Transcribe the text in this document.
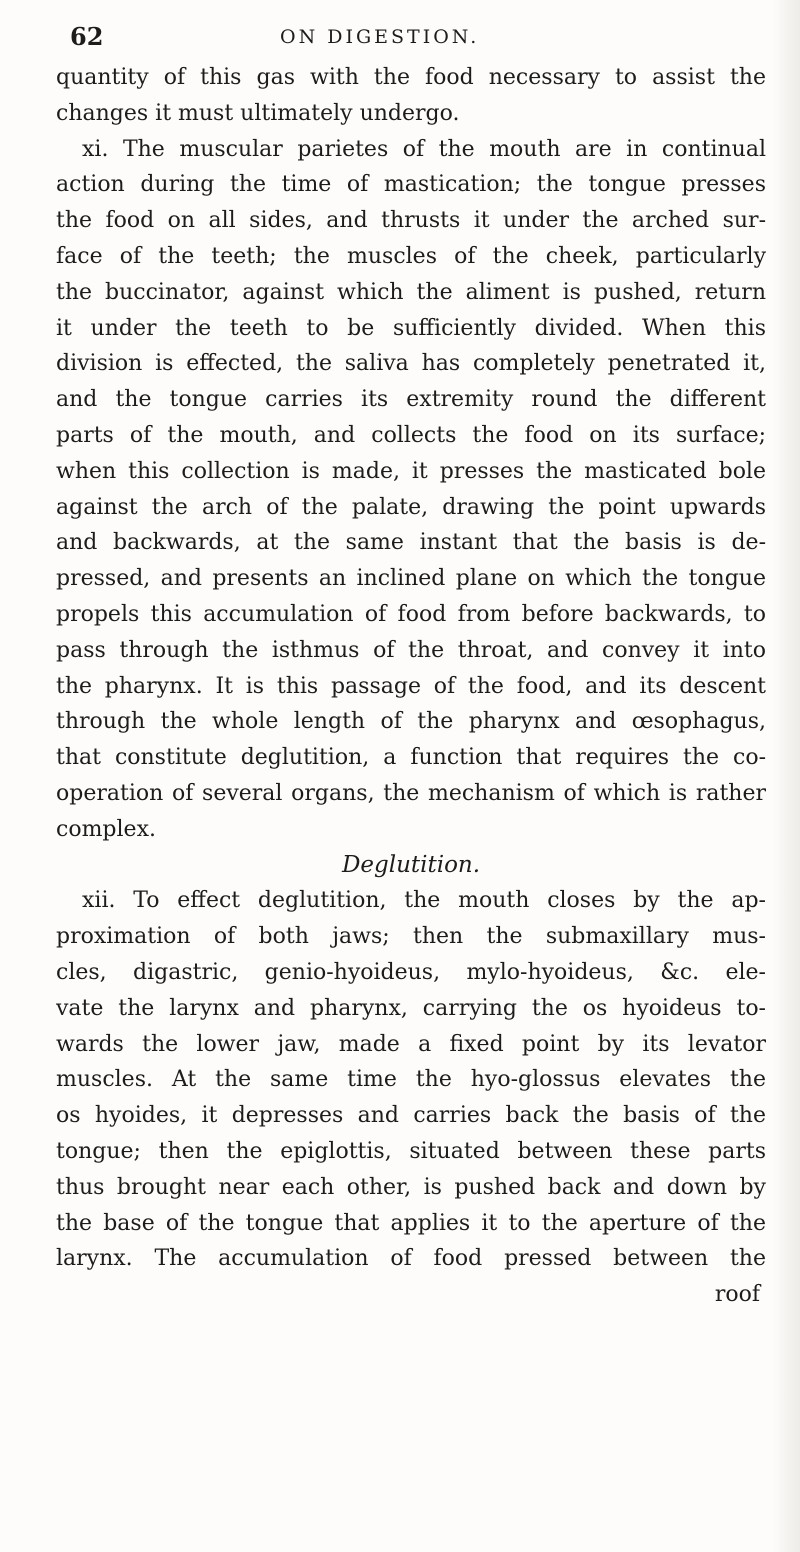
62	ON DIGESTION.
quantity of this gas with the food necessary to assist the
changes it must ultimately undergo.
xi. The muscular parietes of the mouth are in continual
action during the time of mastication; the tongue presses
the food on all sides, and thrusts it under the arched sur-
face of the teeth; the muscles of the cheek, particularly
the buccinator, against which the aliment is pushed, return
it under the teeth to be sufficiently divided. When this
division is effected, the saliva has completely penetrated it,
and the tongue carries its extremity round the different
parts of the mouth, and collects the food on its surface;
when this collection is made, it presses the masticated bole
against the arch of the palate, drawing the point upwards
and backwards, at the same instant that the basis is de-
pressed, and presents an inclined plane on which the tongue
propels this accumulation of food from before backwards, to
pass through the isthmus of the throat, and convey it into
the pharynx. It is this passage of the food, and its descent
through the whole length of the pharynx and œsophagus,
that constitute deglutition, a function that requires the co-
operation of several organs, the mechanism of which is rather
complex.
Deglutition.
xii. To effect deglutition, the mouth closes by the ap-
proximation of both jaws; then the submaxillary mus-
cles, digastric, genio-hyoideus, mylo-hyoideus, &c. ele-
vate the larynx and pharynx, carrying the os hyoideus to-
wards the lower jaw, made a fixed point by its levator
muscles. At the same time the hyo-glossus elevates the
os hyoides, it depresses and carries back the basis of the
tongue; then the epiglottis, situated between these parts
thus brought near each other, is pushed back and down by
the base of the tongue that applies it to the aperture of the
larynx. The accumulation of food pressed between the
roof
